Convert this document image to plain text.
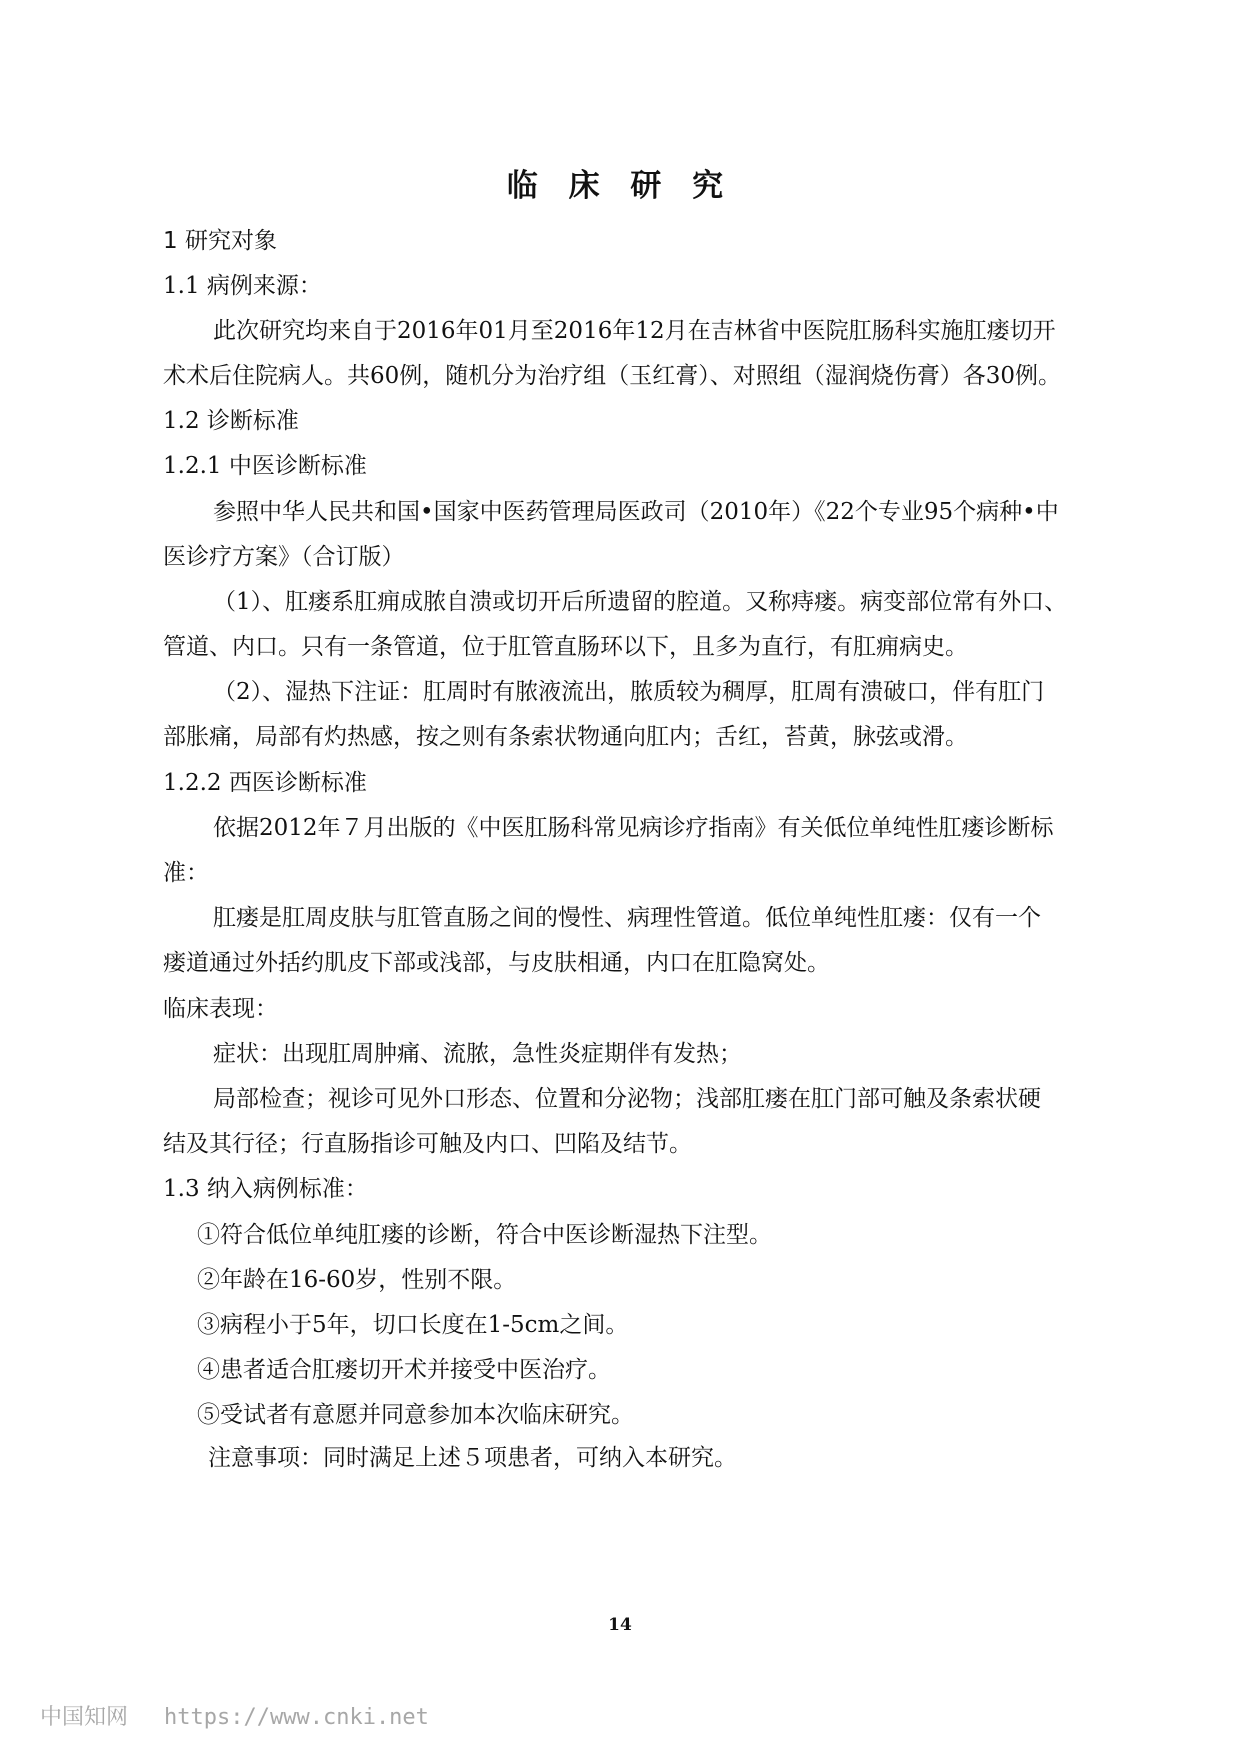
临 床 研 究
1 研究对象
1.1 病例来源：
此次研究均来自于2016年01月至2016年12月在吉林省中医院肛肠科实施肛瘘切开
术术后住院病人。共60例，随机分为治疗组（玉红膏）、对照组（湿润烧伤膏）各30例。
1.2 诊断标准
1.2.1 中医诊断标准
参照中华人民共和国•国家中医药管理局医政司（2010年）《22个专业95个病种•中
医诊疗方案》（合订版）
（1）、肛瘘系肛痈成脓自溃或切开后所遗留的腔道。又称痔瘘。病变部位常有外口、
管道、内口。只有一条管道，位于肛管直肠环以下，且多为直行，有肛痈病史。
（2）、湿热下注证：肛周时有脓液流出，脓质较为稠厚，肛周有溃破口，伴有肛门
部胀痛，局部有灼热感，按之则有条索状物通向肛内；舌红，苔黄，脉弦或滑。
1.2.2 西医诊断标准
依据2012年７月出版的《中医肛肠科常见病诊疗指南》有关低位单纯性肛瘘诊断标
准：
肛瘘是肛周皮肤与肛管直肠之间的慢性、病理性管道。低位单纯性肛瘘：仅有一个
瘘道通过外括约肌皮下部或浅部，与皮肤相通，内口在肛隐窝处。
临床表现：
症状：出现肛周肿痛、流脓，急性炎症期伴有发热；
局部检查；视诊可见外口形态、位置和分泌物；浅部肛瘘在肛门部可触及条索状硬
结及其行径；行直肠指诊可触及内口、凹陷及结节。
1.3 纳入病例标准：
①符合低位单纯肛瘘的诊断，符合中医诊断湿热下注型。
②年龄在16-60岁，性别不限。
③病程小于5年，切口长度在1-5cm之间。
④患者适合肛瘘切开术并接受中医治疗。
⑤受试者有意愿并同意参加本次临床研究。
注意事项：同时满足上述５项患者，可纳入本研究。
14
中国知网 https://www.cnki.net
